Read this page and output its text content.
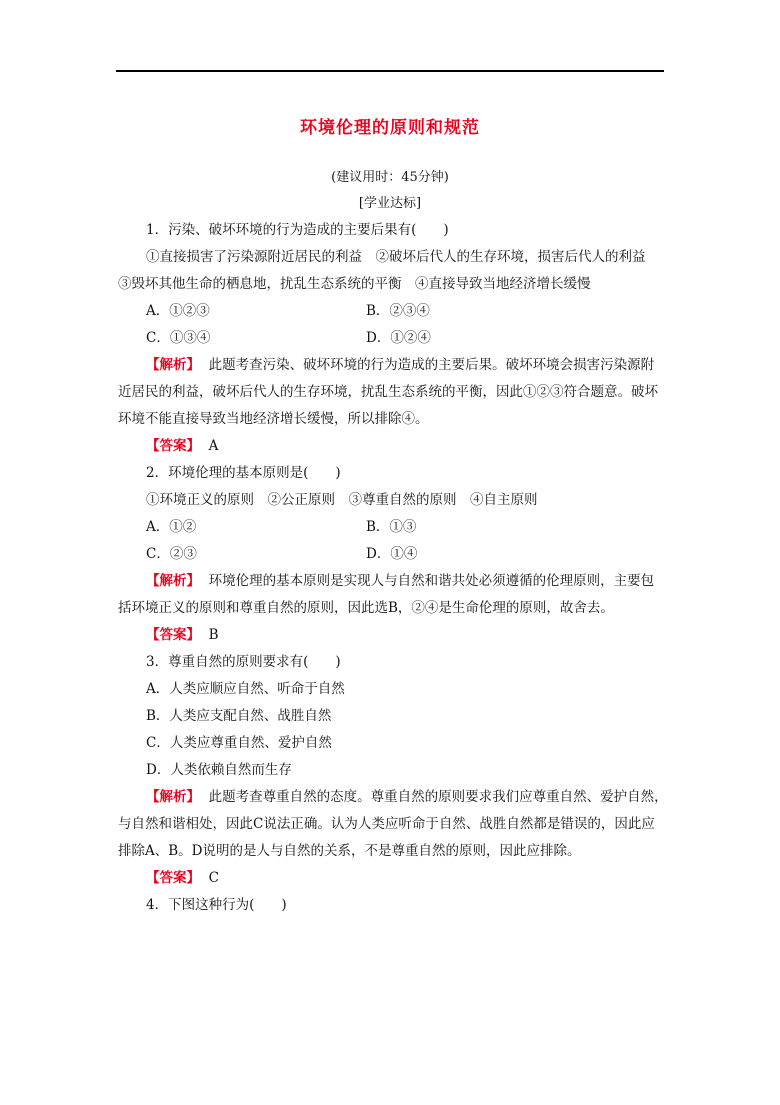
环境伦理的原则和规范
(建议用时：45分钟)
[学业达标]
1．污染、破坏环境的行为造成的主要后果有(　　)
①直接损害了污染源附近居民的利益　②破坏后代人的生存环境，损害后代人的利益
③毁坏其他生命的栖息地，扰乱生态系统的平衡　④直接导致当地经济增长缓慢
A．①②③	B．②③④
C．①③④	D．①②④
【解析】 此题考查污染、破坏环境的行为造成的主要后果。破坏环境会损害污染源附
近居民的利益，破坏后代人的生存环境，扰乱生态系统的平衡，因此①②③符合题意。破坏
环境不能直接导致当地经济增长缓慢，所以排除④。
【答案】 A
2．环境伦理的基本原则是(　　)
①环境正义的原则　②公正原则　③尊重自然的原则　④自主原则
A．①②	B．①③
C．②③	D．①④
【解析】 环境伦理的基本原则是实现人与自然和谐共处必须遵循的伦理原则，主要包
括环境正义的原则和尊重自然的原则，因此选B，②④是生命伦理的原则，故舍去。
【答案】 B
3．尊重自然的原则要求有(　　)
A．人类应顺应自然、听命于自然
B．人类应支配自然、战胜自然
C．人类应尊重自然、爱护自然
D．人类依赖自然而生存
【解析】 此题考查尊重自然的态度。尊重自然的原则要求我们应尊重自然、爱护自然，
与自然和谐相处，因此C说法正确。认为人类应听命于自然、战胜自然都是错误的，因此应
排除A、B。D说明的是人与自然的关系，不是尊重自然的原则，因此应排除。
【答案】 C
4．下图这种行为(　　)
